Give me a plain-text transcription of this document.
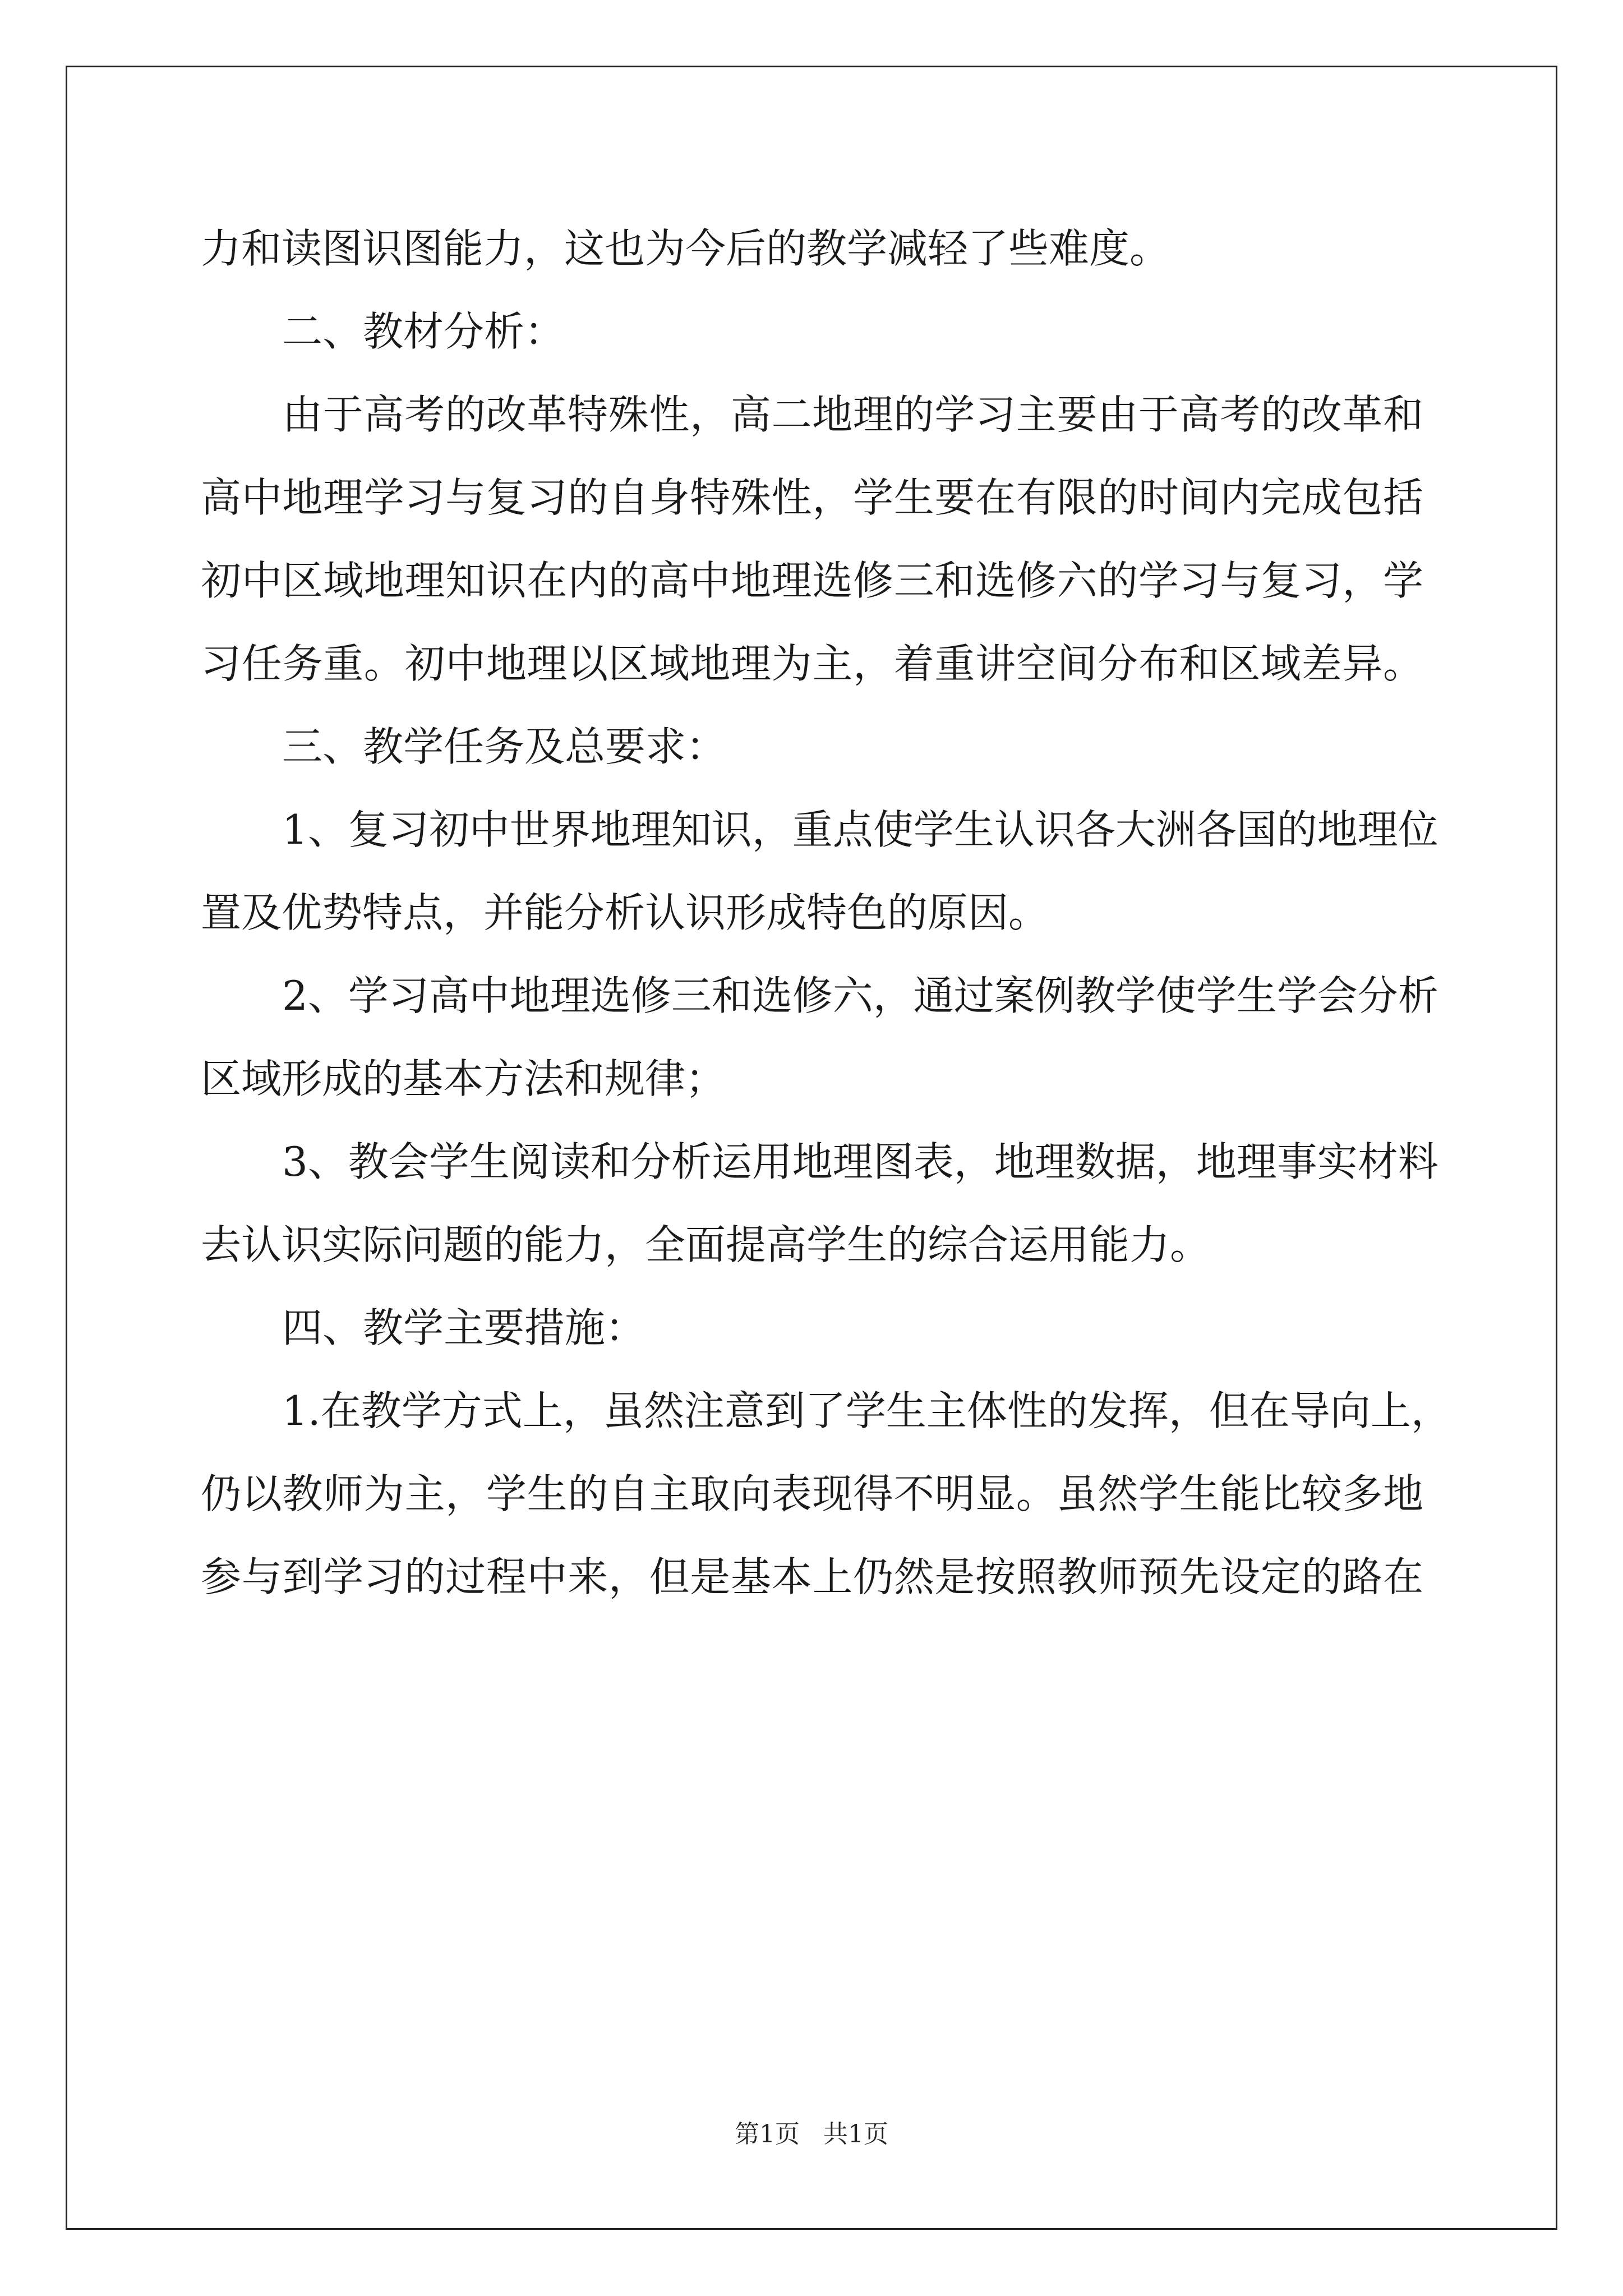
力和读图识图能力，这也为今后的教学减轻了些难度。
二、教材分析：
由于高考的改革特殊性，高二地理的学习主要由于高考的改革和
高中地理学习与复习的自身特殊性，学生要在有限的时间内完成包括
初中区域地理知识在内的高中地理选修三和选修六的学习与复习，学
习任务重。初中地理以区域地理为主，着重讲空间分布和区域差异。
三、教学任务及总要求：
1、复习初中世界地理知识，重点使学生认识各大洲各国的地理位
置及优势特点，并能分析认识形成特色的原因。
2、学习高中地理选修三和选修六，通过案例教学使学生学会分析
区域形成的基本方法和规律；
3、教会学生阅读和分析运用地理图表，地理数据，地理事实材料
去认识实际问题的能力，全面提高学生的综合运用能力。
四、教学主要措施：
1.在教学方式上，虽然注意到了学生主体性的发挥，但在导向上，
仍以教师为主，学生的自主取向表现得不明显。虽然学生能比较多地
参与到学习的过程中来，但是基本上仍然是按照教师预先设定的路在
第1页   共1页
